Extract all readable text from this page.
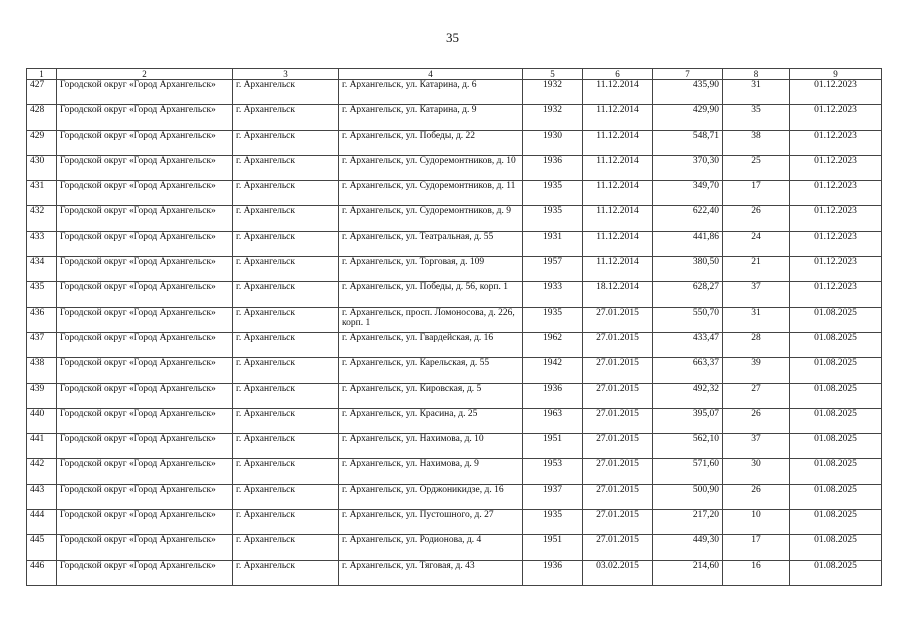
35
1	2	3	4	5	6	7	8	9
427	Городской округ «Город Архангельск»	г. Архангельск	г. Архангельск, ул. Катарина, д. 6	1932	11.12.2014	435,90	31	01.12.2023
428	Городской округ «Город Архангельск»	г. Архангельск	г. Архангельск, ул. Катарина, д. 9	1932	11.12.2014	429,90	35	01.12.2023
429	Городской округ «Город Архангельск»	г. Архангельск	г. Архангельск, ул. Победы, д. 22	1930	11.12.2014	548,71	38	01.12.2023
430	Городской округ «Город Архангельск»	г. Архангельск	г. Архангельск, ул. Судоремонтников, д. 10	1936	11.12.2014	370,30	25	01.12.2023
431	Городской округ «Город Архангельск»	г. Архангельск	г. Архангельск, ул. Судоремонтников, д. 11	1935	11.12.2014	349,70	17	01.12.2023
432	Городской округ «Город Архангельск»	г. Архангельск	г. Архангельск, ул. Судоремонтников, д. 9	1935	11.12.2014	622,40	26	01.12.2023
433	Городской округ «Город Архангельск»	г. Архангельск	г. Архангельск, ул. Театральная, д. 55	1931	11.12.2014	441,86	24	01.12.2023
434	Городской округ «Город Архангельск»	г. Архангельск	г. Архангельск, ул. Торговая, д. 109	1957	11.12.2014	380,50	21	01.12.2023
435	Городской округ «Город Архангельск»	г. Архангельск	г. Архангельск, ул. Победы, д. 56, корп. 1	1933	18.12.2014	628,27	37	01.12.2023
436	Городской округ «Город Архангельск»	г. Архангельск	г. Архангельск, просп. Ломоносова, д. 226, корп. 1	1935	27.01.2015	550,70	31	01.08.2025
437	Городской округ «Город Архангельск»	г. Архангельск	г. Архангельск, ул. Гвардейская, д. 16	1962	27.01.2015	433,47	28	01.08.2025
438	Городской округ «Город Архангельск»	г. Архангельск	г. Архангельск, ул. Карельская, д. 55	1942	27.01.2015	663,37	39	01.08.2025
439	Городской округ «Город Архангельск»	г. Архангельск	г. Архангельск, ул. Кировская, д. 5	1936	27.01.2015	492,32	27	01.08.2025
440	Городской округ «Город Архангельск»	г. Архангельск	г. Архангельск, ул. Красина, д. 25	1963	27.01.2015	395,07	26	01.08.2025
441	Городской округ «Город Архангельск»	г. Архангельск	г. Архангельск, ул. Нахимова, д. 10	1951	27.01.2015	562,10	37	01.08.2025
442	Городской округ «Город Архангельск»	г. Архангельск	г. Архангельск, ул. Нахимова, д. 9	1953	27.01.2015	571,60	30	01.08.2025
443	Городской округ «Город Архангельск»	г. Архангельск	г. Архангельск, ул. Орджоникидзе, д. 16	1937	27.01.2015	500,90	26	01.08.2025
444	Городской округ «Город Архангельск»	г. Архангельск	г. Архангельск, ул. Пустошного, д. 27	1935	27.01.2015	217,20	10	01.08.2025
445	Городской округ «Город Архангельск»	г. Архангельск	г. Архангельск, ул. Родионова, д. 4	1951	27.01.2015	449,30	17	01.08.2025
446	Городской округ «Город Архангельск»	г. Архангельск	г. Архангельск, ул. Тяговая, д. 43	1936	03.02.2015	214,60	16	01.08.2025
